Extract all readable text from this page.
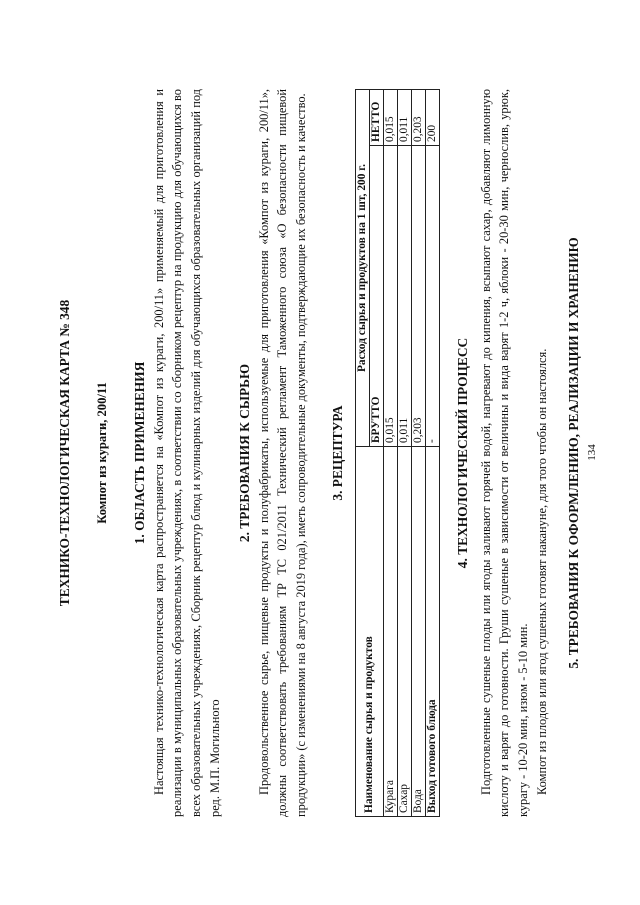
ТЕХНИКО-ТЕХНОЛОГИЧЕСКАЯ КАРТА № 348 Компот из кураги, 200/11 1. ОБЛАСТЬ ПРИМЕНЕНИЯ Настоящая технико-технологическая карта распространяется на «Компот из кураги, 200/11» применяемый для приготовления и реализации в муниципальных образовательных учреждениях, в соответствии со сборником рецептур на продукцию для обучающихся во всех образовательных учреждениях, Сборник рецептур блюд и кулинарных изделий для обучающихся образовательных организаций под ред. М.П. Могильного

2. ТРЕБОВАНИЯ К СЫРЬЮ Продовольственное сырье, пищевые продукты и полуфабрикаты, используемые для приготовления «Компот из кураги, 200/11», должны соответствовать требованиям ТР ТС 021/2011 Технический регламент Таможенного союза «О безопасности пищевой продукции» (с изменениями на 8 августа 2019 года), иметь сопроводительные документы, подтверждающие их безопасность и качество. 3. РЕЦЕПТУРА
Наименование сырья и продуктов	Расход сырья и продуктов на 1 шт, 200 г.	
	БРУТТО	НЕТТО
Курага	0,015	0,015
Сахар	0,011	0,011
Вода	0,203	0,203
Выход готового блюда	-	200
4. ТЕХНОЛОГИЧЕСКИЙ ПРОЦЕСС Подготовленные сушеные плоды или ягоды заливают горячей водой, нагревают до кипения, всыпают сахар, добавляют лимонную кислоту и варят до готовности. Груши сушеные в зависимости от величины и вида варят 1-2 ч, яблоки - 20-30 мин, чернослив, урюк, курагу - 10-20 мин, изюм - 5-10 мин. Компот из плодов или ягод сушеных готовят накануне, для того чтобы он настоялся. 5. ТРЕБОВАНИЯ К ОФОРМЛЕНИЮ, РЕАЛИЗАЦИИ И ХРАНЕНИЮ 134
